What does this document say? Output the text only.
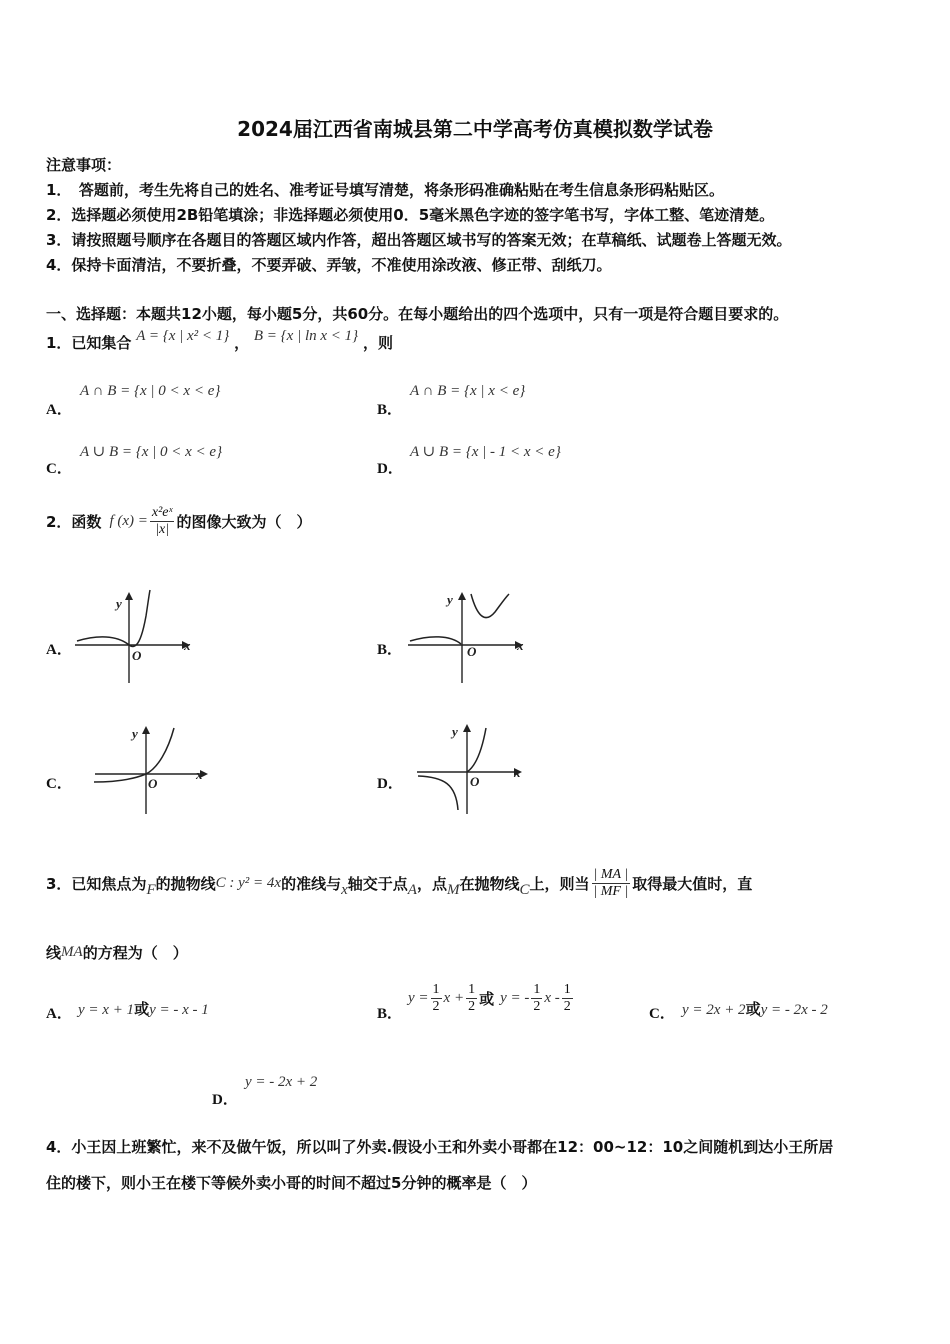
2024届江西省南城县第二中学高考仿真模拟数学试卷
注意事项：
1．　答题前，考生先将自己的姓名、准考证号填写清楚，将条形码准确粘贴在考生信息条形码粘贴区。
2．选择题必须使用2B铅笔填涂；非选择题必须使用0．5毫米黑色字迹的签字笔书写，字体工整、笔迹清楚。
3．请按照题号顺序在各题目的答题区域内作答，超出答题区域书写的答案无效；在草稿纸、试题卷上答题无效。
4．保持卡面清洁，不要折叠，不要弄破、弄皱，不准使用涂改液、修正带、刮纸刀。
一、选择题：本题共12小题，每小题5分，共60分。在每小题给出的四个选项中，只有一项是符合题目要求的。
1．已知集合 A = {x | x² < 1} ， B = {x | ln x < 1} ，则
A．
A ∩ B = {x | 0 < x < e}
B．
A ∩ B = {x | x < e}
C．
A ∪ B = {x | 0 < x < e}
D．
A ∪ B = {x | - 1 < x < e}
2．函数 f $(x) = \frac{\text{x²eˣ}}{|x|}$ 的图像大致为（　）
A．
y
x
O	B．
y
x
O
C．
y
x
O	D．
y
x
O
3．已知焦点为 F 的抛物线 C : y² = 4x 的准线与 x 轴交于点 A ，点 M 在抛物线 C 上，则当 $\frac{| MA |}{| MF |}$ 取得最大值时，直
线MA的方程为（　）
A． y = x + 1或y = - x - 1	B．
$y = \frac{1}{2}$ $x + \frac{1}{2}$ 或 y = - $\frac{1}{2}$ x - $\frac{1}{2}$	C． y = 2x + 2或y = - 2x - 2
D．
y = - 2x + 2
4．小王因上班繁忙，来不及做午饭，所以叫了外卖.假设小王和外卖小哥都在12：00~12：10之间随机到达小王所居
住的楼下，则小王在楼下等候外卖小哥的时间不超过5分钟的概率是（　）
